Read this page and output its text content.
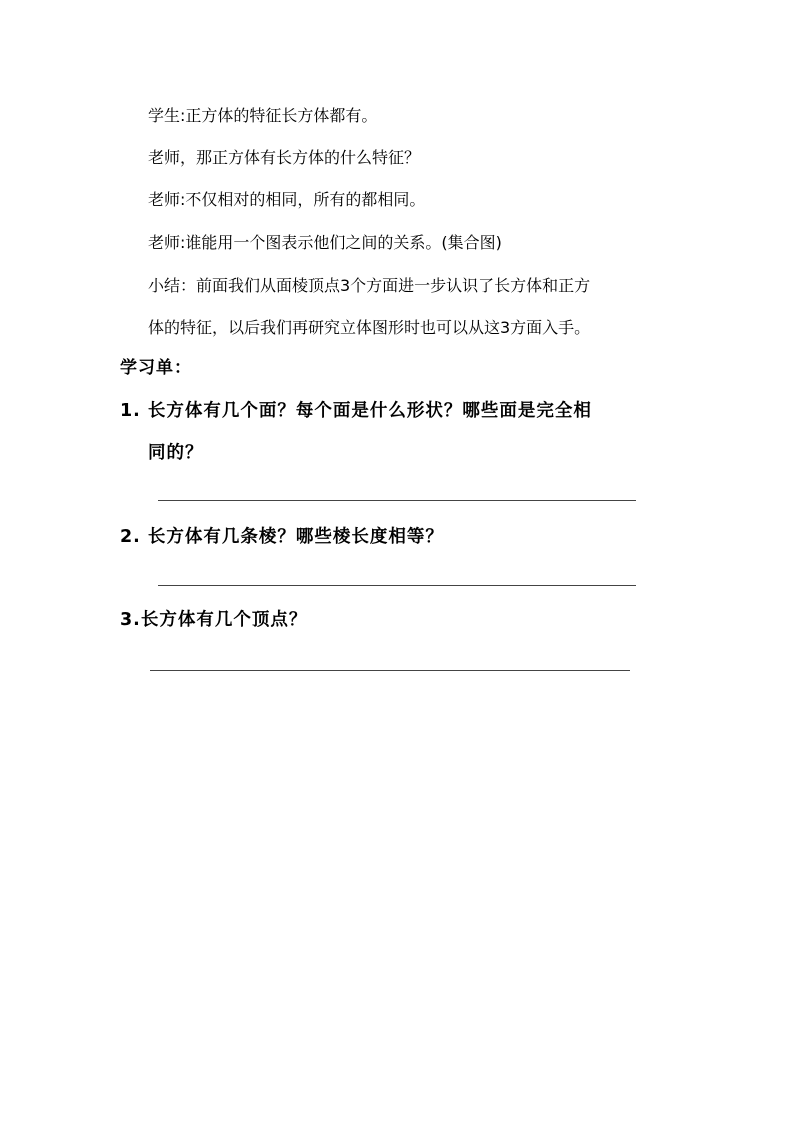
学生:正方体的特征长方体都有。
老师，那正方体有长方体的什么特征？
老师:不仅相对的相同，所有的都相同。
老师:谁能用一个图表示他们之间的关系。(集合图)
小结：前面我们从面棱顶点3个方面进一步认识了长方体和正方
体的特征，以后我们再研究立体图形时也可以从这3方面入手。
学习单：
1. 长方体有几个面？每个面是什么形状？哪些面是完全相
同的？
2. 长方体有几条棱？哪些棱长度相等？
3.长方体有几个顶点？
